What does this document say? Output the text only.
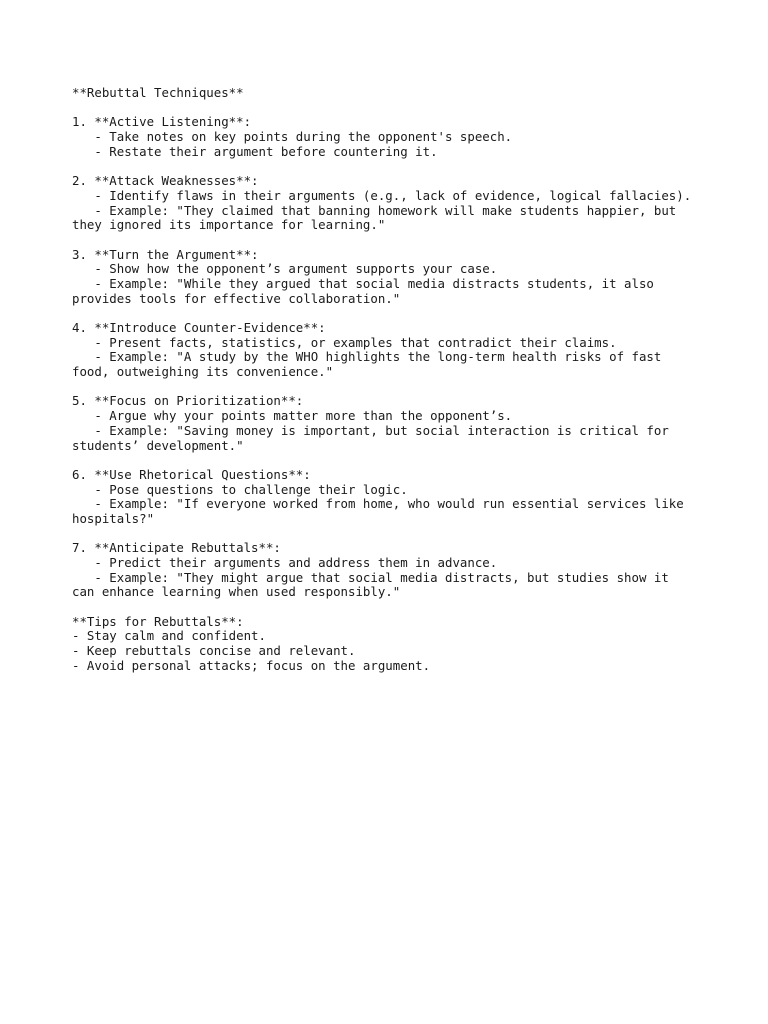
**Rebuttal Techniques**
1. **Active Listening**:
- Take notes on key points during the opponent's speech.
- Restate their argument before countering it.
2. **Attack Weaknesses**:
- Identify flaws in their arguments (e.g., lack of evidence, logical fallacies).
- Example: "They claimed that banning homework will make students happier, but
they ignored its importance for learning."
3. **Turn the Argument**:
- Show how the opponent’s argument supports your case.
- Example: "While they argued that social media distracts students, it also
provides tools for effective collaboration."
4. **Introduce Counter-Evidence**:
- Present facts, statistics, or examples that contradict their claims.
- Example: "A study by the WHO highlights the long-term health risks of fast
food, outweighing its convenience."
5. **Focus on Prioritization**:
- Argue why your points matter more than the opponent’s.
- Example: "Saving money is important, but social interaction is critical for
students’ development."
6. **Use Rhetorical Questions**:
- Pose questions to challenge their logic.
- Example: "If everyone worked from home, who would run essential services like
hospitals?"
7. **Anticipate Rebuttals**:
- Predict their arguments and address them in advance.
- Example: "They might argue that social media distracts, but studies show it
can enhance learning when used responsibly."
**Tips for Rebuttals**:
- Stay calm and confident.
- Keep rebuttals concise and relevant.
- Avoid personal attacks; focus on the argument.
